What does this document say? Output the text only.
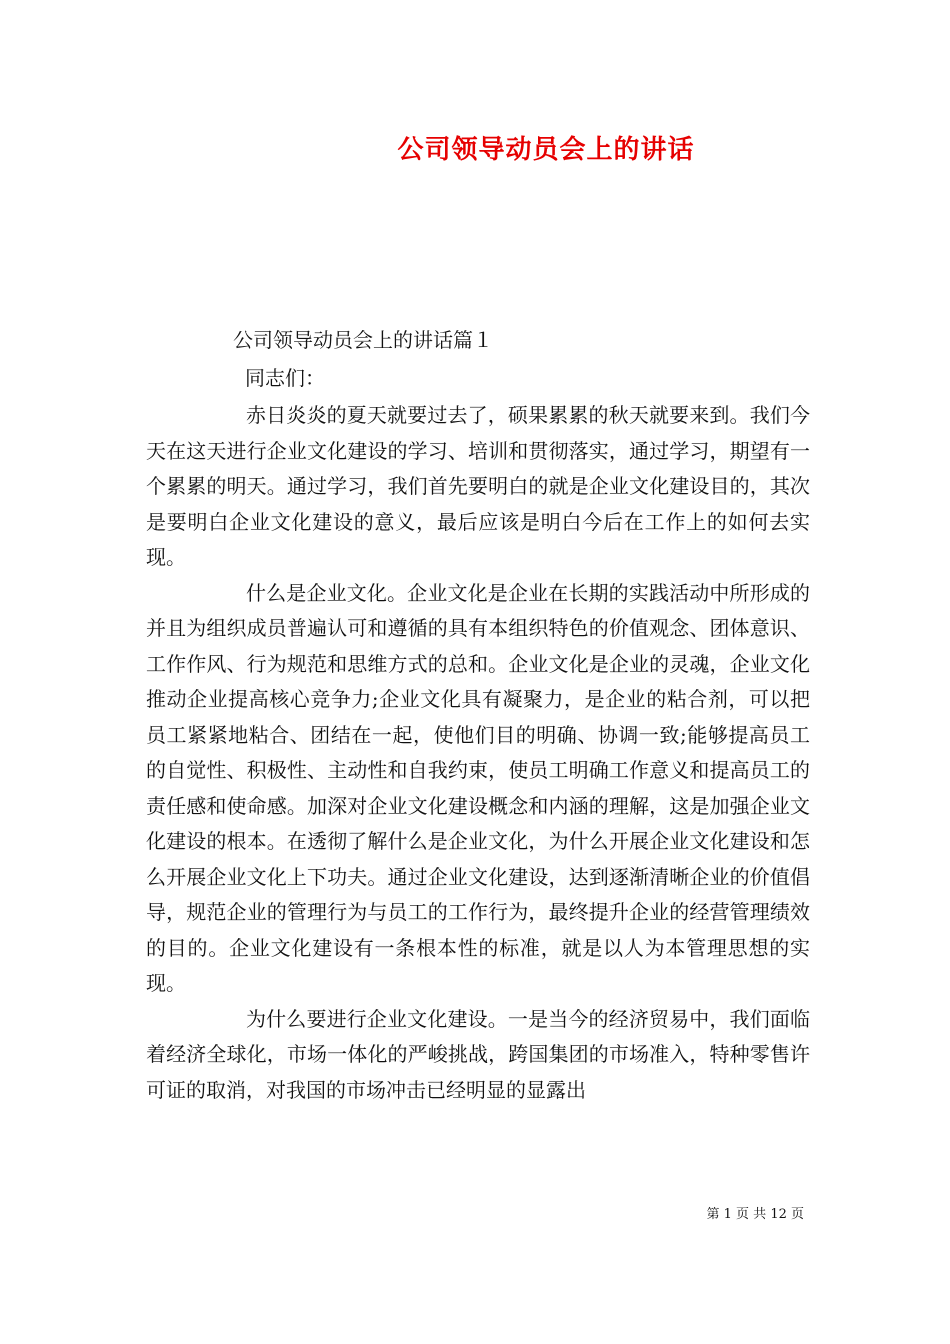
公司领导动员会上的讲话
公司领导动员会上的讲话篇１
同志们：

赤日炎炎的夏天就要过去了，硕果累累的秋天就要来到。我们今天在这天进行企业文化建设的学习、培训和贯彻落实，通过学习，期望有一个累累的明天。通过学习，我们首先要明白的就是企业文化建设目的，其次是要明白企业文化建设的意义，最后应该是明白今后在工作上的如何去实现。

什么是企业文化。企业文化是企业在长期的实践活动中所形成的并且为组织成员普遍认可和遵循的具有本组织特色的价值观念、团体意识、工作作风、行为规范和思维方式的总和。企业文化是企业的灵魂，企业文化推动企业提高核心竞争力;企业文化具有凝聚力，是企业的粘合剂，可以把员工紧紧地粘合、团结在一起，使他们目的明确、协调一致;能够提高员工的自觉性、积极性、主动性和自我约束，使员工明确工作意义和提高员工的责任感和使命感。加深对企业文化建设概念和内涵的理解，这是加强企业文化建设的根本。在透彻了解什么是企业文化，为什么开展企业文化建设和怎么开展企业文化上下功夫。通过企业文化建设，达到逐渐清晰企业的价值倡导，规范企业的管理行为与员工的工作行为，最终提升企业的经营管理绩效的目的。企业文化建设有一条根本性的标准，就是以人为本管理思想的实现。

为什么要进行企业文化建设。一是当今的经济贸易中，我们面临着经济全球化，市场一体化的严峻挑战，跨国集团的市场准入，特种零售许可证的取消，对我国的市场冲击已经明显的显露出

第 1 页 共 12 页
